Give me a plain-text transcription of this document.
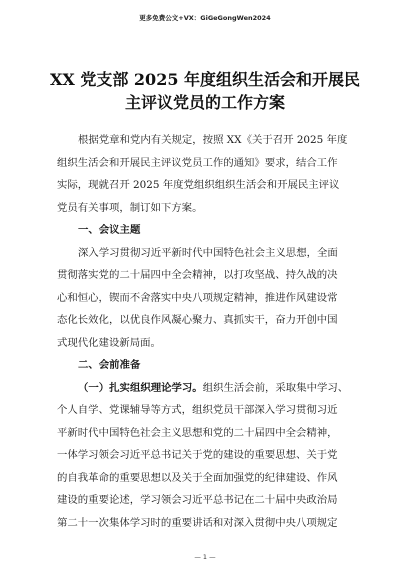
更多免费公文+VX：GiGeGongWen2024
XX 党支部 2025 年度组织生活会和开展民
主评议党员的工作方案

根据党章和党内有关规定，按照 XX《关于召开 2025 年度
组织生活会和开展民主评议党员工作的通知》要求，结合工作
实际，现就召开 2025 年度党组织组织生活会和开展民主评议
党员有关事项，制订如下方案。

一、会议主题

深入学习贯彻习近平新时代中国特色社会主义思想，全面
贯彻落实党的二十届四中全会精神，以打攻坚战、持久战的决
心和恒心，锲而不舍落实中央八项规定精神，推进作风建设常
态化长效化，以优良作风凝心聚力、真抓实干，奋力开创中国
式现代化建设新局面。

二、会前准备

（一）扎实组织理论学习。组织生活会前，采取集中学习、
个人自学、党课辅导等方式，组织党员干部深入学习贯彻习近
平新时代中国特色社会主义思想和党的二十届四中全会精神，
一体学习领会习近平总书记关于党的建设的重要思想、关于党
的自我革命的重要思想以及关于全面加强党的纪律建设、作风
建设的重要论述，学习领会习近平总书记在二十届中央政治局
第二十一次集体学习时的重要讲话和对深入贯彻中央八项规定

— 1 —
